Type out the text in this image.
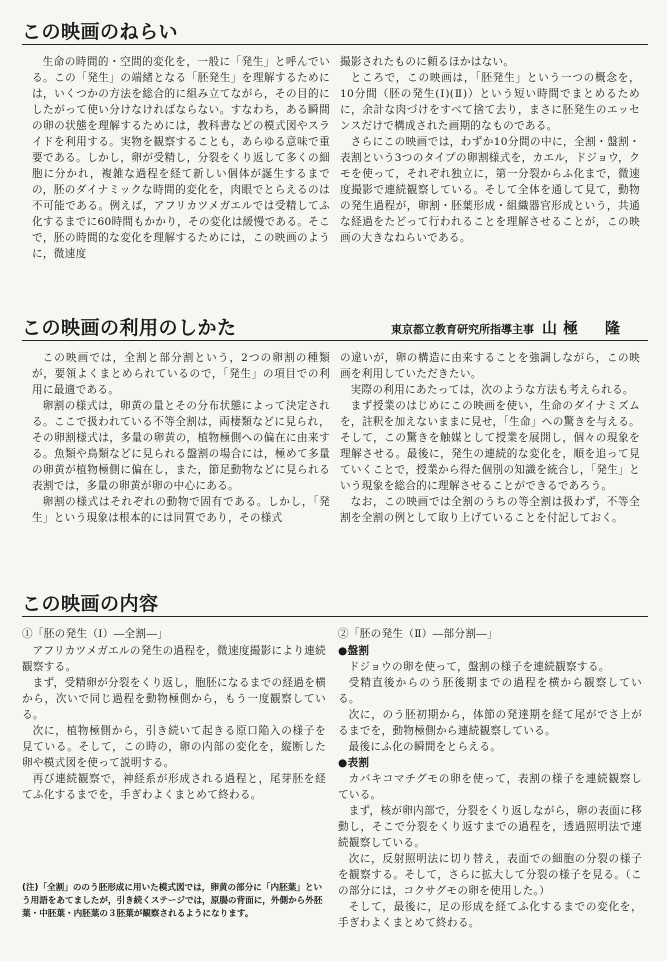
この映画のねらい

生命の時間的・空間的変化を，一般に「発生」と呼んでいる。この「発生」の端緒となる「胚発生」を理解するためには，いくつかの方法を総合的に組み立てながら，その目的にしたがって使い分けなければならない。すなわち，ある瞬間の卵の状態を理解するためには，教科書などの模式図やスライドを利用する。実物を観察することも，あらゆる意味で重要である。しかし，卵が受精し，分裂をくり返して多くの細胞に分かれ，複雑な過程を経て新しい個体が誕生するまでの，胚のダイナミックな時間的変化を，肉眼でとらえるのは不可能である。例えば，アフリカツメガエルでは受精してふ化するまでに60時間もかかり，その変化は緩慢である。そこで，胚の時間的な変化を理解するためには，この映画のように，微速度

撮影されたものに頼るほかはない。

ところで，この映画は，「胚発生」という一つの概念を，10分間（胚の発生(Ⅰ)(Ⅱ)）という短い時間でまとめるために，余計な肉づけをすべて捨て去り，まさに胚発生のエッセンスだけで構成された画期的なものである。

さらにこの映画では，わずか10分間の中に，全割・盤割・表割という3つのタイプの卵割様式を，カエル，ドジョウ，クモを使って，それぞれ独立に，第一分裂からふ化まで，微速度撮影で連続観察している。そして全体を通して見て，動物の発生過程が，卵割・胚葉形成・組織器官形成という，共通な経過をたどって行われることを理解させることが，この映画の大きなねらいである。

この映画の利用のしかた	東京都立教育研究所指導主事 山極　隆

この映画では，全割と部分割という，2つの卵割の種類が，要領よくまとめられているので，「発生」の項目での利用に最適である。

卵割の様式は，卵黄の量とその分布状態によって決定される。ここで扱われている不等全割は，両棲類などに見られ，その卵割様式は，多量の卵黄の，植物極側への偏在に由来する。魚類や鳥類などに見られる盤割の場合には，極めて多量の卵黄が植物極側に偏在し，また，節足動物などに見られる表割では，多量の卵黄が卵の中心にある。

卵割の様式はそれぞれの動物で固有である。しかし，「発生」という現象は根本的には同質であり，その様式

の違いが，卵の構造に由来することを強調しながら，この映画を利用していただきたい。

実際の利用にあたっては，次のような方法も考えられる。

まず授業のはじめにこの映画を使い，生命のダイナミズムを，註釈を加えないままに見せ，「生命」への驚きを与える。そして，この驚きを触媒として授業を展開し，個々の現象を理解させる。最後に，発生の連続的な変化を，順を追って見ていくことで，授業から得た個別の知識を統合し，「発生」という現象を総合的に理解させることができるであろう。

なお，この映画では全割のうちの等全割は扱わず，不等全割を全割の例として取り上げていることを付記しておく。

この映画の内容

①「胚の発生（Ⅰ）―全割―」

アフリカツメガエルの発生の過程を，微速度撮影により連続観察する。

まず，受精卵が分裂をくり返し，胞胚になるまでの経過を横から，次いで同じ過程を動物極側から，もう一度観察している。

次に，植物極側から，引き続いて起きる原口陥入の様子を見ている。そして，この時の，卵の内部の変化を，縦断した卵や模式図を使って説明する。

再び連続観察で，神経系が形成される過程と，尾芽胚を経てふ化するまでを，手ぎわよくまとめて終わる。

②「胚の発生（Ⅱ）―部分割―」

●盤割

ドジョウの卵を使って，盤割の様子を連続観察する。

受精直後からのう胚後期までの過程を横から観察している。

次に，のう胚初期から，体節の発達期を経て尾がでさ上がるまでを，動物極側から連続観察している。

最後にふ化の瞬間をとらえる。

●表割

カバキコマチグモの卵を使って，表割の様子を連続観察している。

まず，核が卵内部で，分裂をくり返しながら，卵の表面に移動し，そこで分裂をくり返すまでの過程を，透過照明法で連続観察している。

次に，反射照明法に切り替え，表面での細胞の分裂の様子を観察する。そして，さらに拡大して分裂の様子を見る。（この部分には，コクサグモの卵を使用した。）

そして，最後に，足の形成を経てふ化するまでの変化を，手ぎわよくまとめて終わる。

(注)「全割」ののう胚形成に用いた模式図では，卵黄の部分に「内胚葉」という用語をあてましたが，引き続くステージでは，原腸の背面に，外側から外胚葉・中胚葉・内胚葉の３胚葉が観察されるようになります。
